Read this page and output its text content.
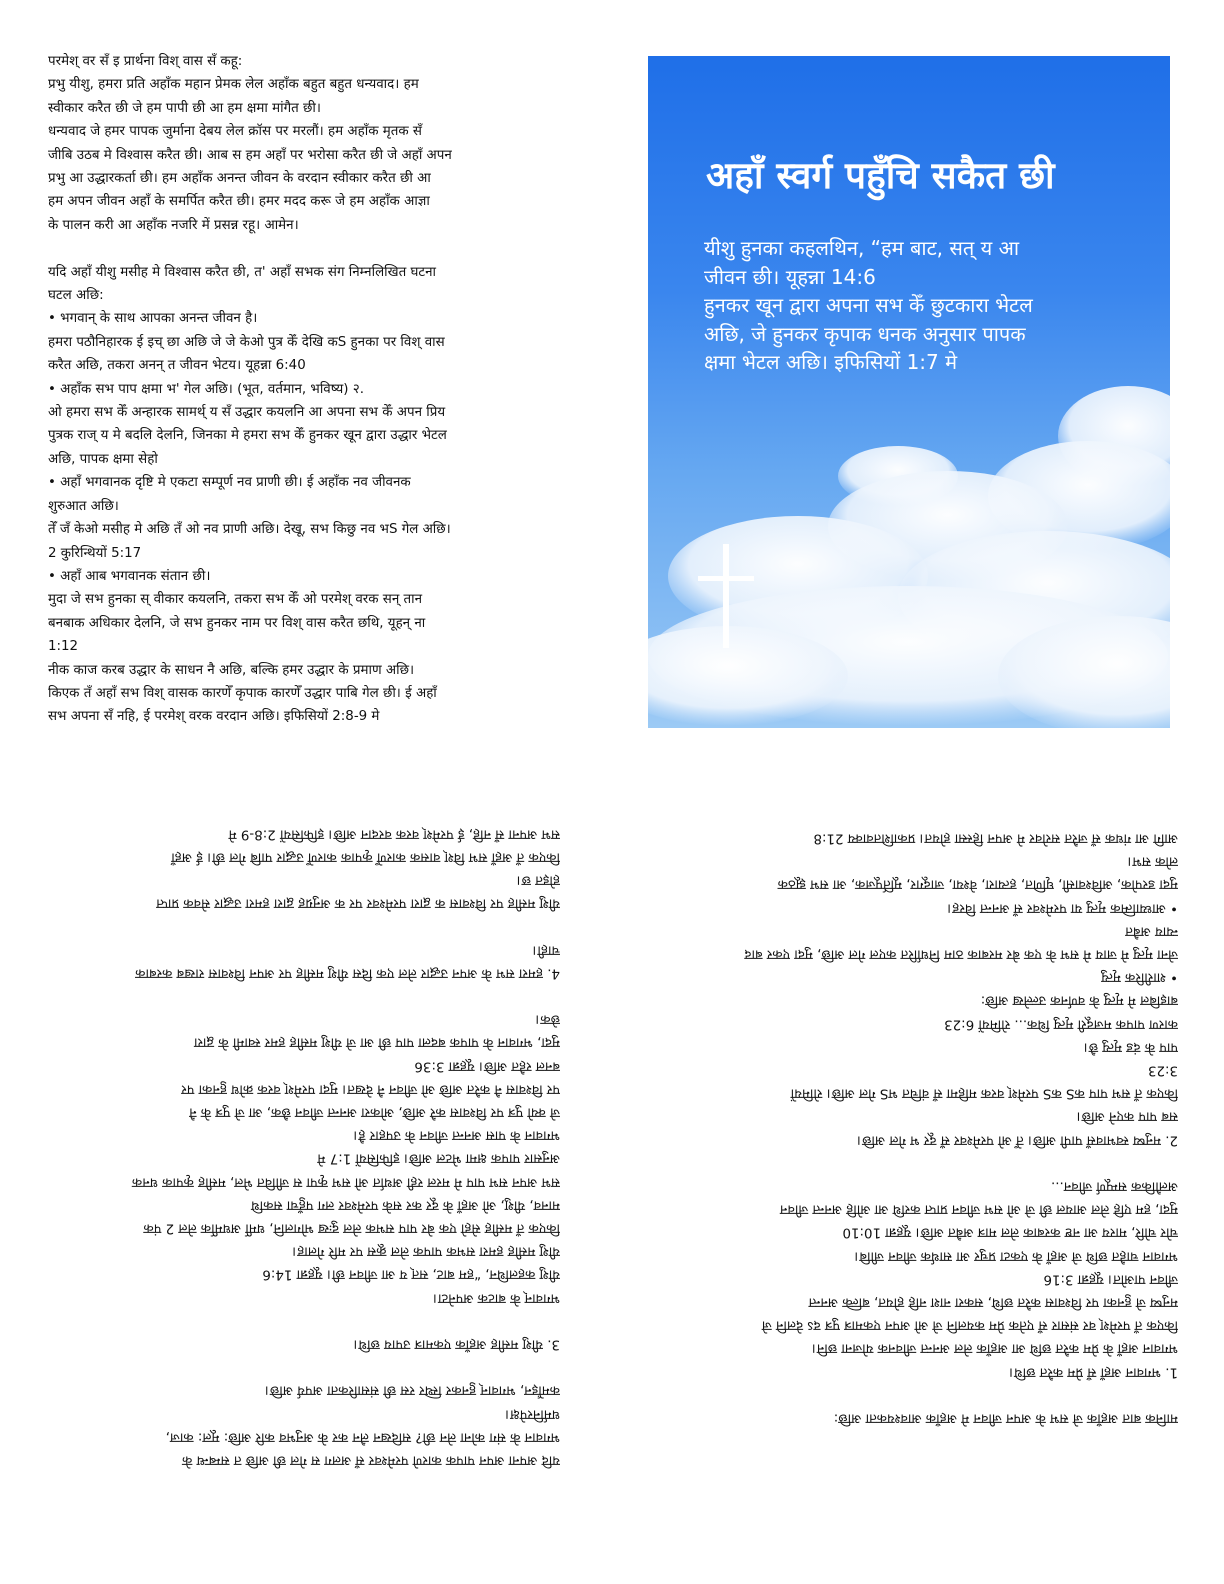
परमेश् वर सँ इ प्रार्थना विश् वास सँ कहू:

प्रभु यीशु, हमरा प्रति अहाँक महान प्रेमक लेल अहाँक बहुत बहुत धन्यवाद। हम

स्वीकार करैत छी जे हम पापी छी आ हम क्षमा मांगैत छी।

धन्यवाद जे हमर पापक जुर्माना देबय लेल क्रॉस पर मरलौं। हम अहाँक मृतक सँ

जीबि उठब मे विश्वास करैत छी। आब स हम अहाँ पर भरोसा करैत छी जे अहाँ अपन

प्रभु आ उद्धारकर्ता छी। हम अहाँक अनन्त जीवन के वरदान स्वीकार करैत छी आ

हम अपन जीवन अहाँ के समर्पित करैत छी। हमर मदद करू जे हम अहाँक आज्ञा

के पालन करी आ अहाँक नजरि में प्रसन्न रहू। आमेन।

यदि अहाँ यीशु मसीह मे विश्वास करैत छी, त' अहाँ सभक संग निम्नलिखित घटना

घटल अछि:

• भगवान् के साथ आपका अनन्त जीवन है।

हमरा पठौनिहारक ई इच् छा अछि जे जे केओ पुत्र केँ देखि कS हुनका पर विश् वास

करैत अछि, तकरा अनन् त जीवन भेटय। यूहन्ना 6:40

• अहाँक सभ पाप क्षमा भ' गेल अछि। (भूत, वर्तमान, भविष्य) २.

ओ हमरा सभ केँ अन्हारक सामर्थ् य सँ उद्धार कयलनि आ अपना सभ केँ अपन प्रिय

पुत्रक राज् य मे बदलि देलनि, जिनका मे हमरा सभ केँ हुनकर खून द्वारा उद्धार भेटल

अछि, पापक क्षमा सेहो

• अहाँ भगवानक दृष्टि मे एकटा सम्पूर्ण नव प्राणी छी। ई अहाँक नव जीवनक

शुरुआत अछि।

तेँ जँ केओ मसीह मे अछि तँ ओ नव प्राणी अछि। देखू, सभ किछु नव भS गेल अछि।

2 कुरिन्थियों 5:17

• अहाँ आब भगवानक संतान छी।

मुदा जे सभ हुनका स् वीकार कयलनि, तकरा सभ केँ ओ परमेश् वरक सन् तान

बनबाक अधिकार देलनि, जे सभ हुनकर नाम पर विश् वास करैत छथि, यूहन् ना

1:12

नीक काज करब उद्धार के साधन नै अछि, बल्कि हमर उद्धार के प्रमाण अछि।

किएक तँ अहाँ सभ विश् वासक कारणेँ कृपाक कारणेँ उद्धार पाबि गेल छी। ई अहाँ

सभ अपना सँ नहि, ई परमेश् वरक वरदान अछि। इफिसियों 2:8-9 मे

अहाँ स्वर्ग पहुँचि सकैत छी

यीशु हुनका कहलथिन, “हम बाट, सत् य आ

जीवन छी। यूहन्ना 14:6

हुनकर खून द्वारा अपना सभ केँ छुटकारा भेटल

अछि, जे हुनकर कृपाक धनक अनुसार पापक

क्षमा भेटल अछि। इफिसियों 1:7 मे

यदि अपना अपन पापक कारणे परमेश्वर सँ अलग स गेल छी अछि त सम्बन्ध के

भगवान के संग कोना लेन छी? सदिखन लैन कर के अनुभव करि अछि: मूल: काज,

धर्मनिरपेक्ष।

कर्मोंइन, भगवान् हुनकर स्थिर रस छी संसारिकता अपर्य अछि।

3. यीशु मसीह अहाँक एकमात्र उपाय छथि।

भगवान् के बाटक अपनेटा।

यीशु कहलथिन, “हम बाट, सत् य आ जीवन छी। यूहन्ना 14:6

यीशु मसीह हमरा सभक पापक लेल क्रूस पर मरि गेलाह।

किएक तँ मसीह सेहो एक बेर पाप सभक लेल दुःख भोगलनि, धर्मी अधर्मीक लेल 2 पंक

मानव, यीशु, ओ अहाँ के दूर कर सके परमेश्वर लग पहुँचा सकथि

सभ अपन सभ पाप मे मरल रही अर्थात ओ सभ कृपा स जीवित भेल, मसीह कृपाक धनक

अनुसार पापक क्षमा भेटल अछि। इफिसियों 1:7 मे

भगवान के पास अनन्त जीवन के उपहार है।

जे क्यो पुत्र पर विश्वास करै अछि, ओकरा अनन्त जीवन छैक, आ जे पुत्र के नै

पर विश्वास नै करैत अछि ओ जीवन नै देखत। मुदा परमेश् वरक क्रोध हुनका पर

बनल रहैत अछि। यूहन्ना 3:36

मुदा, भगवान के पापक बदला पाप छी आ जे यीशु मसीह हमर स्वामी के द्वारा

छेक।

4. हमरा सभ के अपन उद्धार लेल एक दिस यीशु मसीह पर अपन विश्वास राखब करबाक

चाही।

यीशु मसीह पर विश्वास क द्वारा परमेश्वर पर क अनुग्रह द्वारा हमरा उद्धार सेवक प्राप्त

होइत छ।

किएक तँ अहाँ सभ विश् वासक कारणेँ कृपाक कारणेँ उद्धार पाबि गेल छी। ई अहाँ

सभ अपना सँ नहि, ई परमेश् वरक वरदान अछि। इफिसियों 2:8-9 मे

मानिक बात अहाँक जे सभ के अपन जीवन मे अहाँक आवश्यकता अछि:

1. भगवान अहाँ सँ प्रेम करैत छथि।

भगवान अहाँ के प्रेम करैत छथि आ अहाँक लेल अनन्त जीवनक योजना छनि।

किएक तँ परमेश् वर संसार सँ एतेक प्रेम कयलनि जे ओ अपन एकमात्र पुत्र दऽ देलनि जे

मनुष्य जे हुनका पर विश्वास करैत छथि, सकरा नाश नहि होयत, बल्कि अनन्त

जीवन पाओत। यूहन्ना 3:16

भगवान चाहैत छथि जे अहाँ के एकटा प्रचुर आ सार्थक जीवन जीबि।

चोर चोरि, मारय आ नष्ट करबाक लेल मात्र अबैत अछि। यूहन्ना 10:10

मुदा, हम एहि लेल आयल छी जे ओ सभ जीवन प्राप्त करथि आ ओहि अनन्त जीवन

अलौकिक सम्पूर्ण जीवन...

2. मनुष्य स्वभावसँ पापी अछि। तेँ ओ परमेश्वर सँ दूर भ गेल अछि।

सब पाप कएने अछि।

किएक तँ सभ पाप कS कS परमेश् वरक महिमा सँ वंचित भS गेल अछि। रोमियों

3:23

पाप के दंड मृत्यु छै।

कारण पापक मजदूरी मृत्यु थिक... रोमियों 6:23

बाइबिल मे मृत्यु के वर्णनक उल्लेख अछि:

• शारीरिक मृत्यु

जेना मृत्यु मे जाय मे सभ के एक बेर मरबाक ठाम निर्धारित कएल गेल अछि, मुदा एकर बाद

न्याय अबैत

• आध्यात्मिक मृत्यु या परमेश्वर सँ अनन्त विरह।

मुदा डरपोक, अविश्वासी, घृणित, हत्यारा, वेश्या, जादूगर, मूर्तिपूजक, आ सभ झूठक

लोक सभ।

आगि आ गंधक सँ जरैत सरोवर मे अपन हिस्सा होयत। प्रकाशितवाक्य 21:8
